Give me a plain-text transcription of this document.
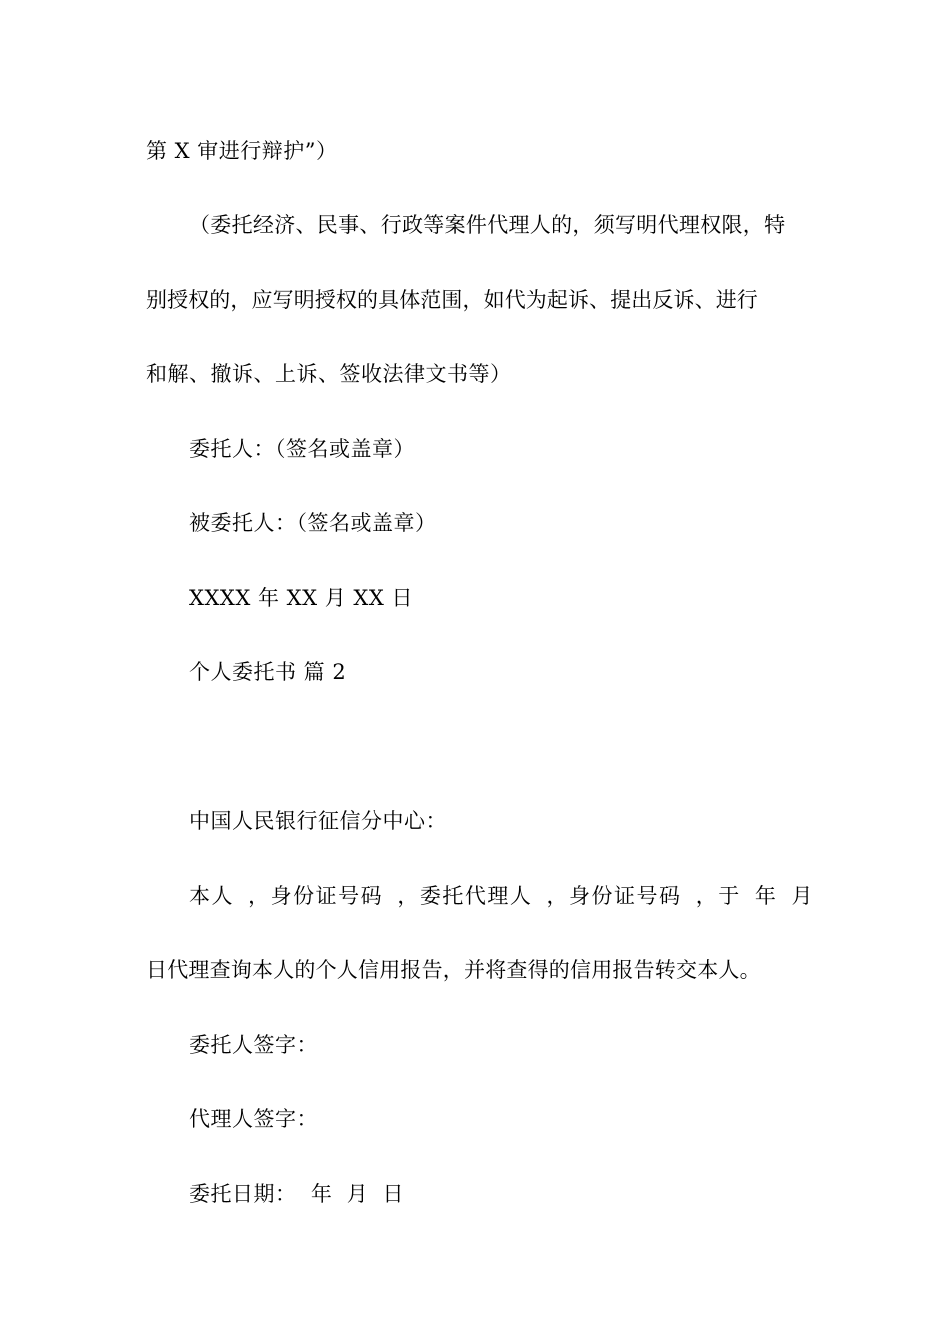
第 X 审进行辩护”）
（委托经济、民事、行政等案件代理人的，须写明代理权限，特
别授权的，应写明授权的具体范围，如代为起诉、提出反诉、进行
和解、撤诉、上诉、签收法律文书等）
委托人：（签名或盖章）
被委托人：（签名或盖章）
XXXX 年 XX 月 XX 日
个人委托书 篇 2
中国人民银行征信分中心：
本人 ，身份证号码 ，委托代理人 ，身份证号码 ，于 年 月
日代理查询本人的个人信用报告，并将查得的信用报告转交本人。
委托人签字：
代理人签字：
委托日期：  年  月  日
